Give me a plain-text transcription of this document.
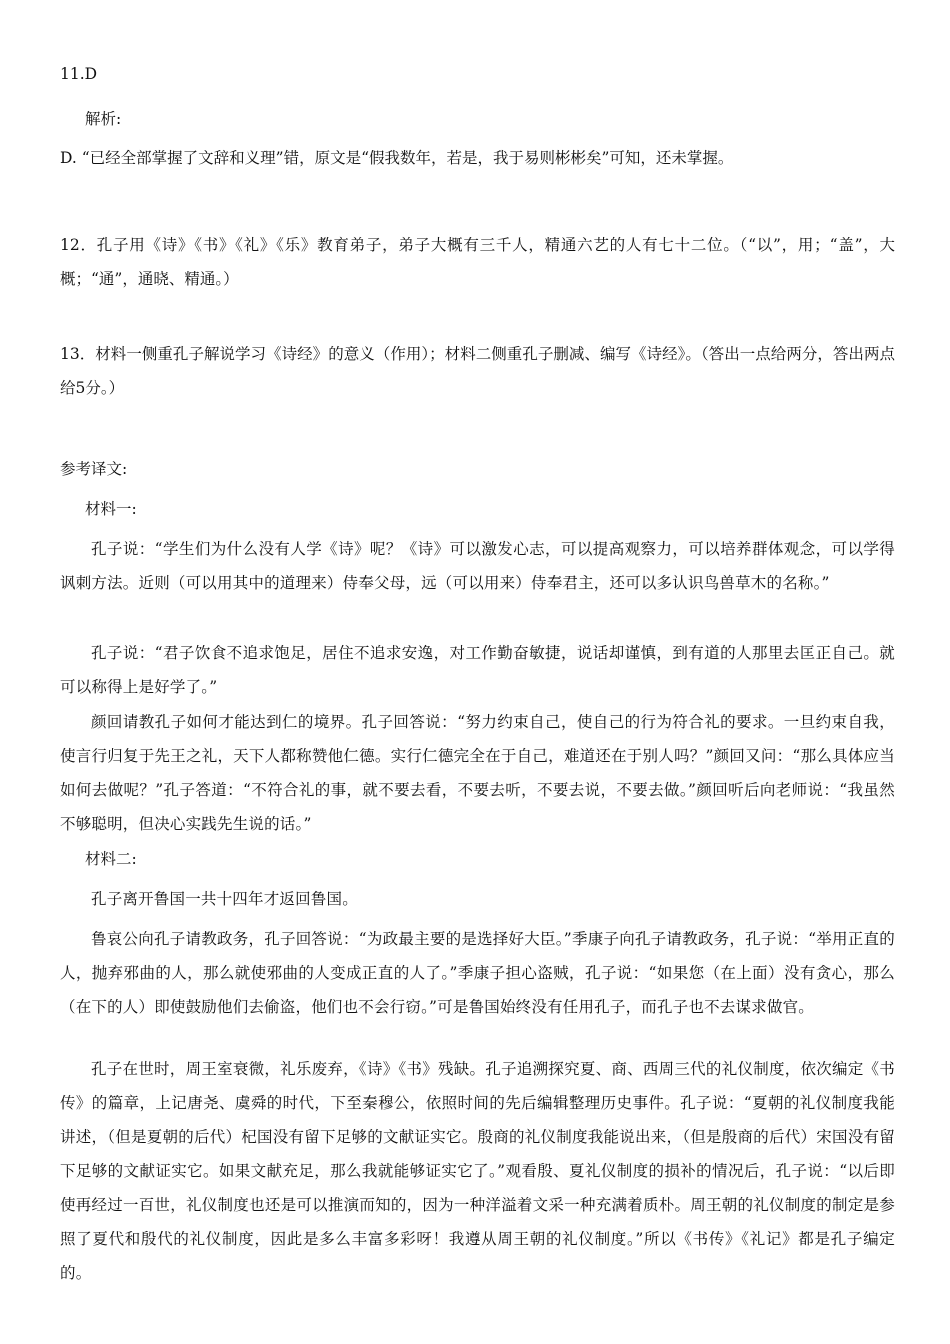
11.D

解析:

D. “已经全部掌握了文辞和义理”错，原文是“假我数年，若是，我于易则彬彬矣”可知，还未掌握。

12．孔子用《诗》《书》《礼》《乐》教育弟子，弟子大概有三千人，精通六艺的人有七十二位。（“以”，用；“盖”，大概；“通”，通晓、精通。）

13．材料一侧重孔子解说学习《诗经》的意义（作用）；材料二侧重孔子删减、编写《诗经》。（答出一点给两分，答出两点给5分。）

参考译文:

材料一:

孔子说：“学生们为什么没有人学《诗》呢？《诗》可以激发心志，可以提高观察力，可以培养群体观念，可以学得讽刺方法。近则（可以用其中的道理来）侍奉父母，远（可以用来）侍奉君主，还可以多认识鸟兽草木的名称。”

孔子说：“君子饮食不追求饱足，居住不追求安逸，对工作勤奋敏捷，说话却谨慎，到有道的人那里去匡正自己。就可以称得上是好学了。”

颜回请教孔子如何才能达到仁的境界。孔子回答说：“努力约束自己，使自己的行为符合礼的要求。一旦约束自我，使言行归复于先王之礼，天下人都称赞他仁德。实行仁德完全在于自己，难道还在于别人吗？”颜回又问：“那么具体应当如何去做呢？”孔子答道：“不符合礼的事，就不要去看，不要去听，不要去说，不要去做。”颜回听后向老师说：“我虽然不够聪明，但决心实践先生说的话。”

材料二:

孔子离开鲁国一共十四年才返回鲁国。

鲁哀公向孔子请教政务，孔子回答说：“为政最主要的是选择好大臣。”季康子向孔子请教政务，孔子说：“举用正直的人，抛弃邪曲的人，那么就使邪曲的人变成正直的人了。”季康子担心盗贼，孔子说：“如果您（在上面）没有贪心，那么（在下的人）即使鼓励他们去偷盗，他们也不会行窃。”可是鲁国始终没有任用孔子，而孔子也不去谋求做官。

孔子在世时，周王室衰微，礼乐废弃，《诗》《书》残缺。孔子追溯探究夏、商、西周三代的礼仪制度，依次编定《书传》的篇章，上记唐尧、虞舜的时代，下至秦穆公，依照时间的先后编辑整理历史事件。孔子说：“夏朝的礼仪制度我能讲述，（但是夏朝的后代）杞国没有留下足够的文献证实它。殷商的礼仪制度我能说出来，（但是殷商的后代）宋国没有留下足够的文献证实它。如果文献充足，那么我就能够证实它了。”观看殷、夏礼仪制度的损补的情况后，孔子说：“以后即使再经过一百世，礼仪制度也还是可以推演而知的，因为一种洋溢着文采一种充满着质朴。周王朝的礼仪制度的制定是参照了夏代和殷代的礼仪制度，因此是多么丰富多彩呀！我遵从周王朝的礼仪制度。”所以《书传》《礼记》都是孔子编定的。
